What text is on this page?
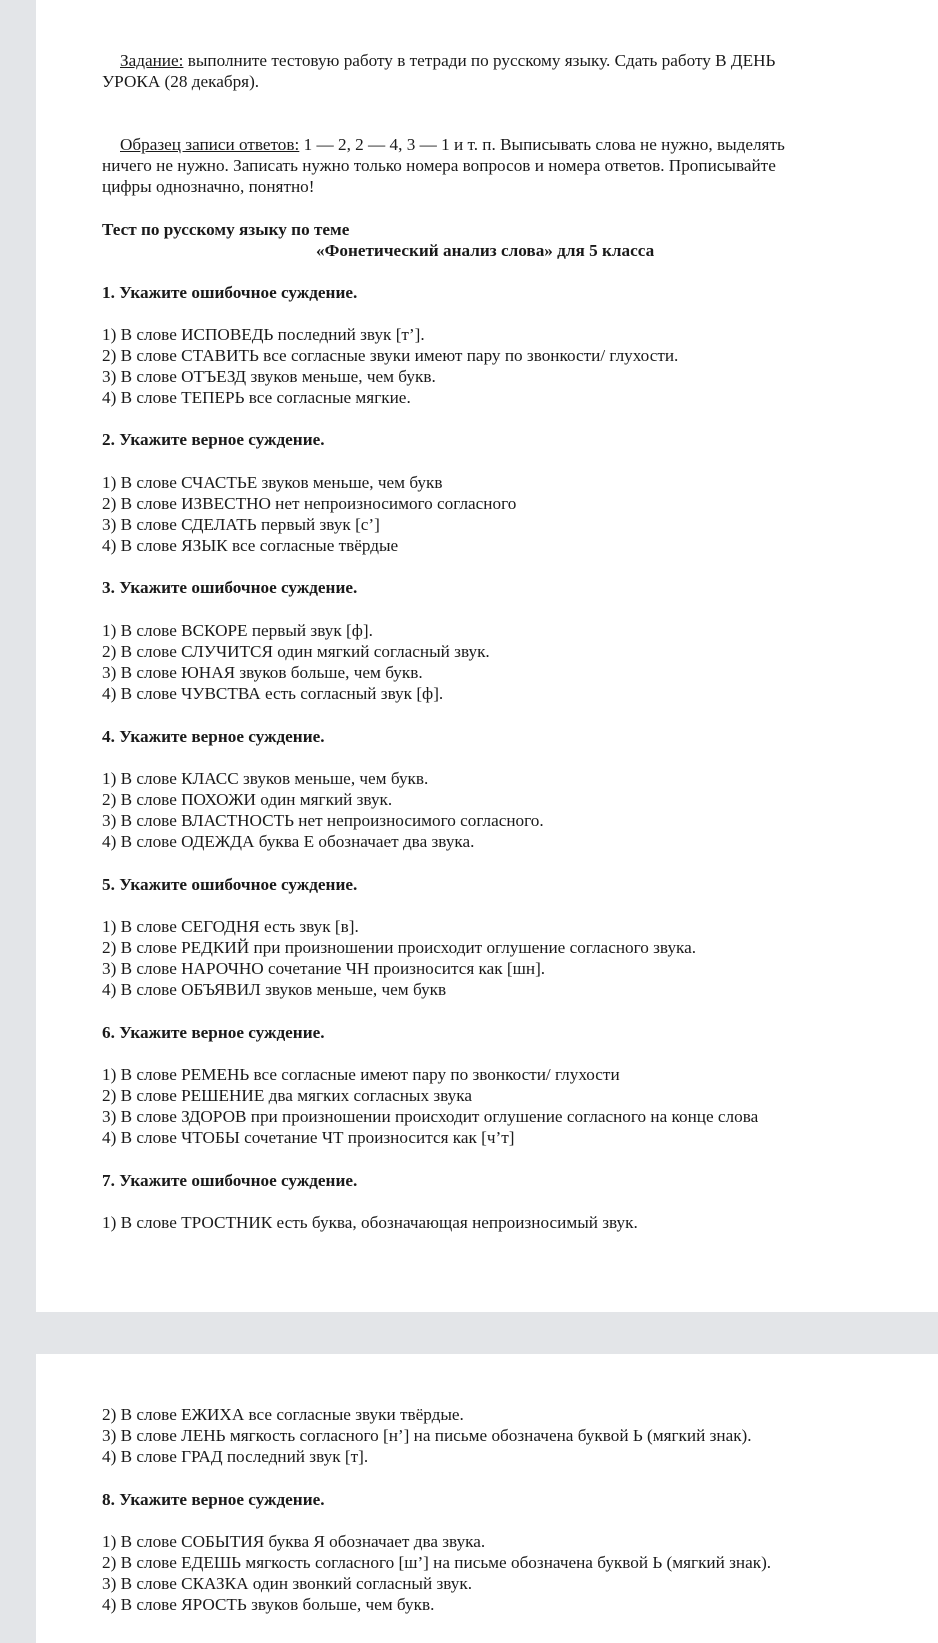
Задание: выполните тестовую работу в тетради по русскому языку. Сдать работу В ДЕНЬ
УРОКА (28 декабря).
Образец записи ответов: 1 — 2, 2 — 4, 3 — 1 и т. п. Выписывать слова не нужно, выделять
ничего не нужно. Записать нужно только номера вопросов и номера ответов. Прописывайте
цифры однозначно, понятно!
Тест по русскому языку по теме
«Фонетический анализ слова» для 5 класса
1. Укажите ошибочное суждение.
1) В слове ИСПОВЕДЬ последний звук [т’].
2) В слове СТАВИТЬ все согласные звуки имеют пару по звонкости/ глухости.
3) В слове ОТЪЕЗД звуков меньше, чем букв.
4) В слове ТЕПЕРЬ все согласные мягкие.
2. Укажите верное суждение.
1) В слове СЧАСТЬЕ звуков меньше, чем букв
2) В слове ИЗВЕСТНО нет непроизносимого согласного
3) В слове СДЕЛАТЬ первый звук [с’]
4) В слове ЯЗЫК все согласные твёрдые
3. Укажите ошибочное суждение.
1) В слове ВСКОРЕ первый звук [ф].
2) В слове СЛУЧИТСЯ один мягкий согласный звук.
3) В слове ЮНАЯ звуков больше, чем букв.
4) В слове ЧУВСТВА есть согласный звук [ф].
4. Укажите верное суждение.
1) В слове КЛАСС звуков меньше, чем букв.
2) В слове ПОХОЖИ один мягкий звук.
3) В слове ВЛАСТНОСТЬ нет непроизносимого согласного.
4) В слове ОДЕЖДА буква Е обозначает два звука.
5. Укажите ошибочное суждение.
1) В слове СЕГОДНЯ есть звук [в].
2) В слове РЕДКИЙ при произношении происходит оглушение согласного звука.
3) В слове НАРОЧНО сочетание ЧН произносится как [шн].
4) В слове ОБЪЯВИЛ звуков меньше, чем букв
6. Укажите верное суждение.
1) В слове РЕМЕНЬ все согласные имеют пару по звонкости/ глухости
2) В слове РЕШЕНИЕ два мягких согласных звука
3) В слове ЗДОРОВ при произношении происходит оглушение согласного на конце слова
4) В слове ЧТОБЫ сочетание ЧТ произносится как [ч’т]
7. Укажите ошибочное суждение.
1) В слове ТРОСТНИК есть буква, обозначающая непроизносимый звук.
2) В слове ЕЖИХА все согласные звуки твёрдые.
3) В слове ЛЕНЬ мягкость согласного [н’] на письме обозначена буквой Ь (мягкий знак).
4) В слове ГРАД последний звук [т].
8. Укажите верное суждение.
1) В слове СОБЫТИЯ буква Я обозначает два звука.
2) В слове ЕДЕШЬ мягкость согласного [ш’] на письме обозначена буквой Ь (мягкий знак).
3) В слове СКАЗКА один звонкий согласный звук.
4) В слове ЯРОСТЬ звуков больше, чем букв.
